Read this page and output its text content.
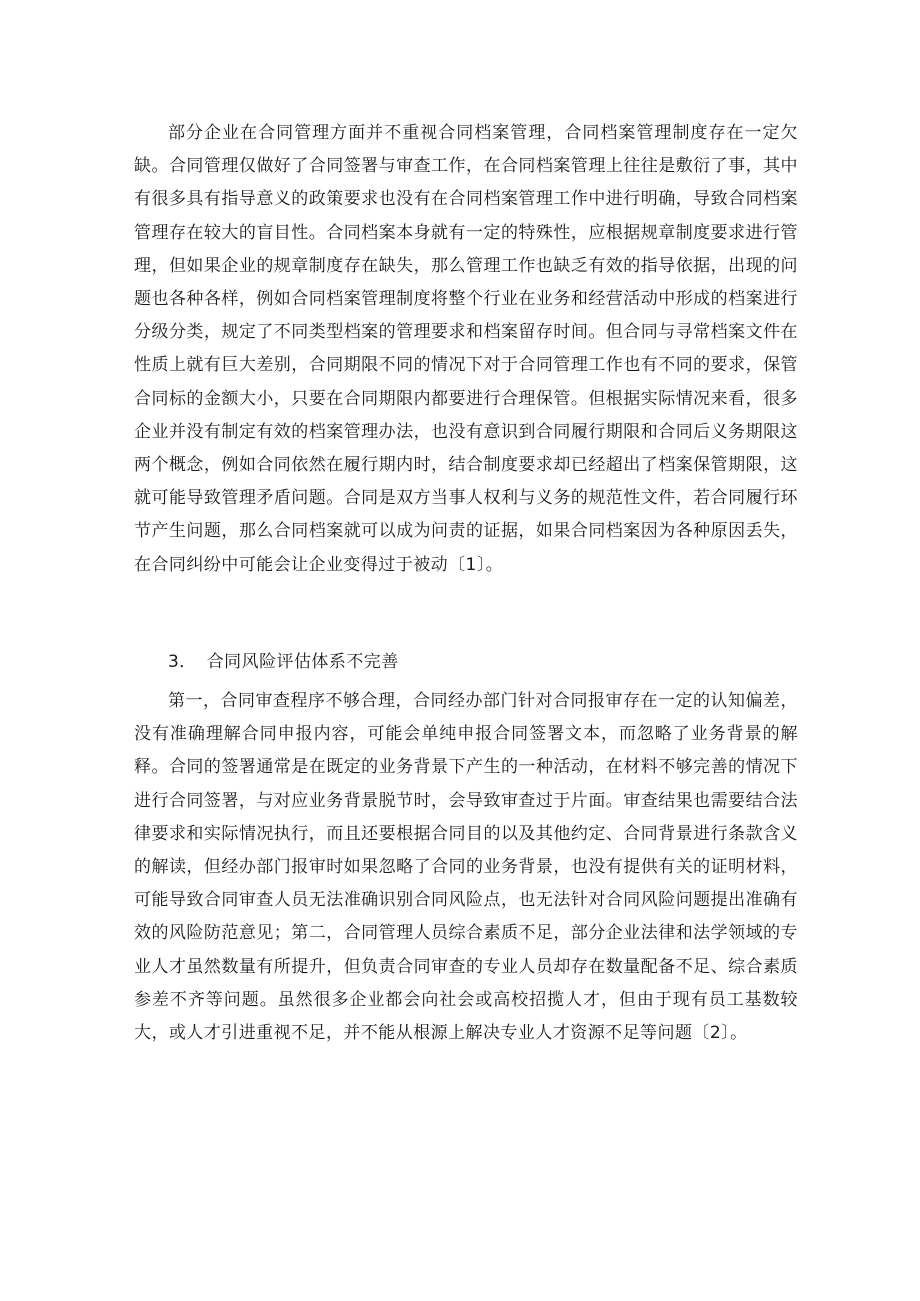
部分企业在合同管理方面并不重视合同档案管理，合同档案管理制度存在一定欠缺。合同管理仅做好了合同签署与审查工作，在合同档案管理上往往是敷衍了事，其中有很多具有指导意义的政策要求也没有在合同档案管理工作中进行明确，导致合同档案管理存在较大的盲目性。合同档案本身就有一定的特殊性，应根据规章制度要求进行管理，但如果企业的规章制度存在缺失，那么管理工作也缺乏有效的指导依据，出现的问题也各种各样，例如合同档案管理制度将整个行业在业务和经营活动中形成的档案进行分级分类，规定了不同类型档案的管理要求和档案留存时间。但合同与寻常档案文件在性质上就有巨大差别，合同期限不同的情况下对于合同管理工作也有不同的要求，保管合同标的金额大小，只要在合同期限内都要进行合理保管。但根据实际情况来看，很多企业并没有制定有效的档案管理办法，也没有意识到合同履行期限和合同后义务期限这两个概念，例如合同依然在履行期内时，结合制度要求却已经超出了档案保管期限，这就可能导致管理矛盾问题。合同是双方当事人权利与义务的规范性文件，若合同履行环节产生问题，那么合同档案就可以成为问责的证据，如果合同档案因为各种原因丢失，在合同纠纷中可能会让企业变得过于被动〔1〕。

3． 合同风险评估体系不完善

第一，合同审查程序不够合理，合同经办部门针对合同报审存在一定的认知偏差，没有准确理解合同申报内容，可能会单纯申报合同签署文本，而忽略了业务背景的解释。合同的签署通常是在既定的业务背景下产生的一种活动，在材料不够完善的情况下进行合同签署，与对应业务背景脱节时，会导致审查过于片面。审查结果也需要结合法律要求和实际情况执行，而且还要根据合同目的以及其他约定、合同背景进行条款含义的解读，但经办部门报审时如果忽略了合同的业务背景，也没有提供有关的证明材料，可能导致合同审查人员无法准确识别合同风险点，也无法针对合同风险问题提出准确有效的风险防范意见；第二，合同管理人员综合素质不足，部分企业法律和法学领域的专业人才虽然数量有所提升，但负责合同审查的专业人员却存在数量配备不足、综合素质参差不齐等问题。虽然很多企业都会向社会或高校招揽人才，但由于现有员工基数较大，或人才引进重视不足，并不能从根源上解决专业人才资源不足等问题〔2〕。
